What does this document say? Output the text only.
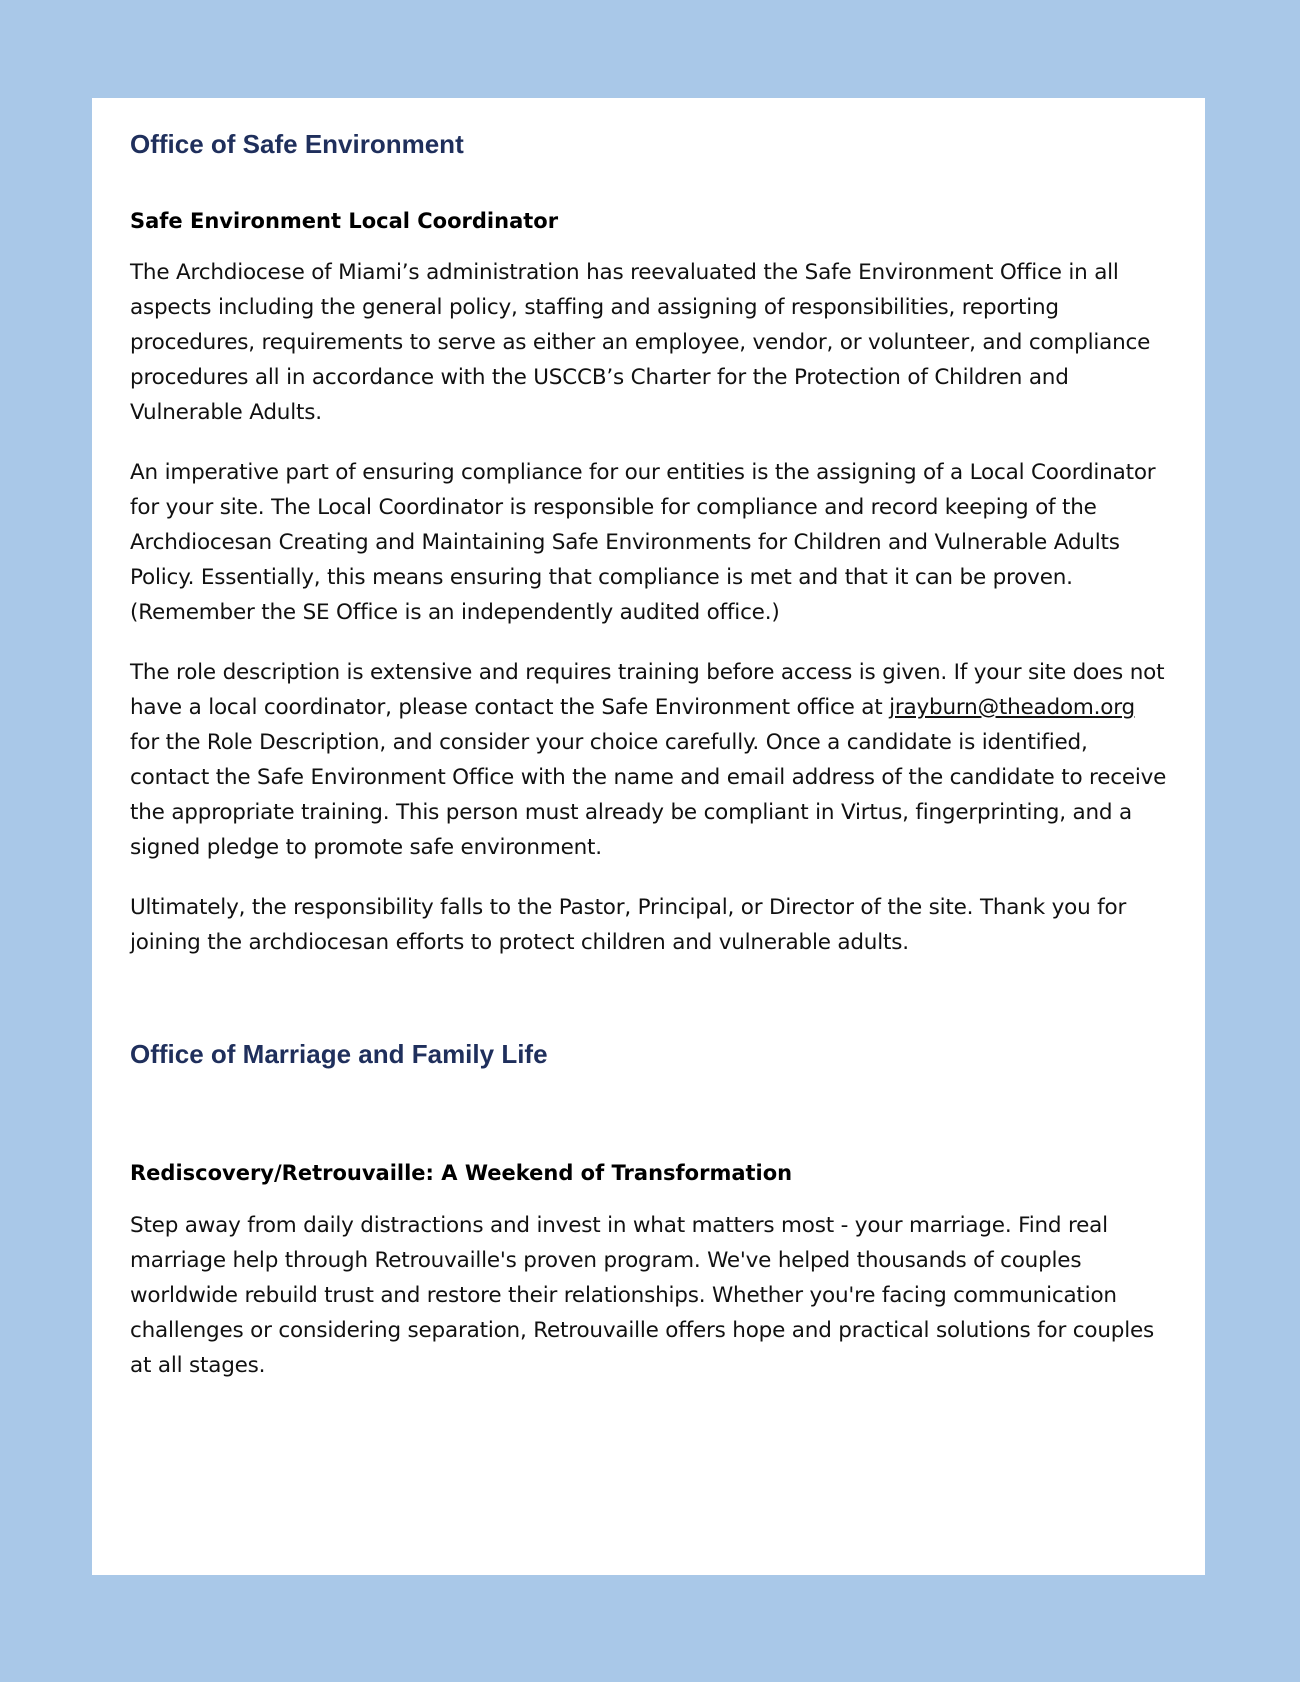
Office of Safe Environment
Safe Environment Local Coordinator

The Archdiocese of Miami’s administration has reevaluated the Safe Environment Office in all aspects including the general policy, staffing and assigning of responsibilities, reporting procedures, requirements to serve as either an employee, vendor, or volunteer, and compliance procedures all in accordance with the USCCB’s Charter for the Protection of Children and Vulnerable Adults.

An imperative part of ensuring compliance for our entities is the assigning of a Local Coordinator for your site. The Local Coordinator is responsible for compliance and record keeping of the Archdiocesan Creating and Maintaining Safe Environments for Children and Vulnerable Adults Policy. Essentially, this means ensuring that compliance is met and that it can be proven. (Remember the SE Office is an independently audited office.)

The role description is extensive and requires training before access is given. If your site does not have a local coordinator, please contact the Safe Environment office at jrayburn@theadom.org for the Role Description, and consider your choice carefully. Once a candidate is identified, contact the Safe Environment Office with the name and email address of the candidate to receive the appropriate training. This person must already be compliant in Virtus, fingerprinting, and a signed pledge to promote safe environment.

Ultimately, the responsibility falls to the Pastor, Principal, or Director of the site. Thank you for joining the archdiocesan efforts to protect children and vulnerable adults.

Office of Marriage and Family Life
Rediscovery/Retrouvaille: A Weekend of Transformation

Step away from daily distractions and invest in what matters most - your marriage. Find real marriage help through Retrouvaille's proven program. We've helped thousands of couples worldwide rebuild trust and restore their relationships. Whether you're facing communication challenges or considering separation, Retrouvaille offers hope and practical solutions for couples at all stages.
